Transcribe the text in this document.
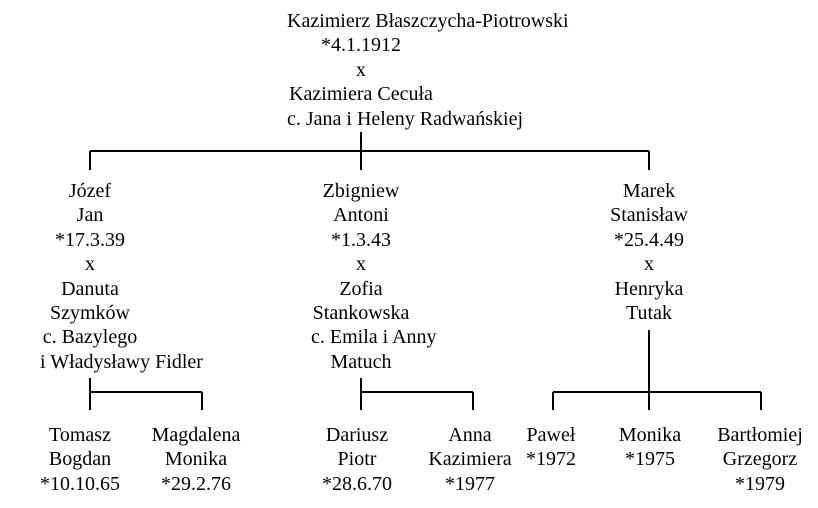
Kazimierz Błaszczycha-Piotrowski
*4.1.1912
x
Kazimiera Cecuła
c. Jana i Heleny Radwańskiej
Józef
Jan
*17.3.39
x
Danuta
Szymków
c. Bazylego
i Władysławy Fidler
Zbigniew
Antoni
*1.3.43
x
Zofia
Stankowska
c. Emila i Anny
Matuch
Marek
Stanisław
*25.4.49
x
Henryka
Tutak
Tomasz
Bogdan
*10.10.65
Magdalena
Monika
*29.2.76
Dariusz
Piotr
*28.6.70
Anna
Kazimiera
*1977
Paweł
*1972
Monika
*1975
Bartłomiej
Grzegorz
*1979
